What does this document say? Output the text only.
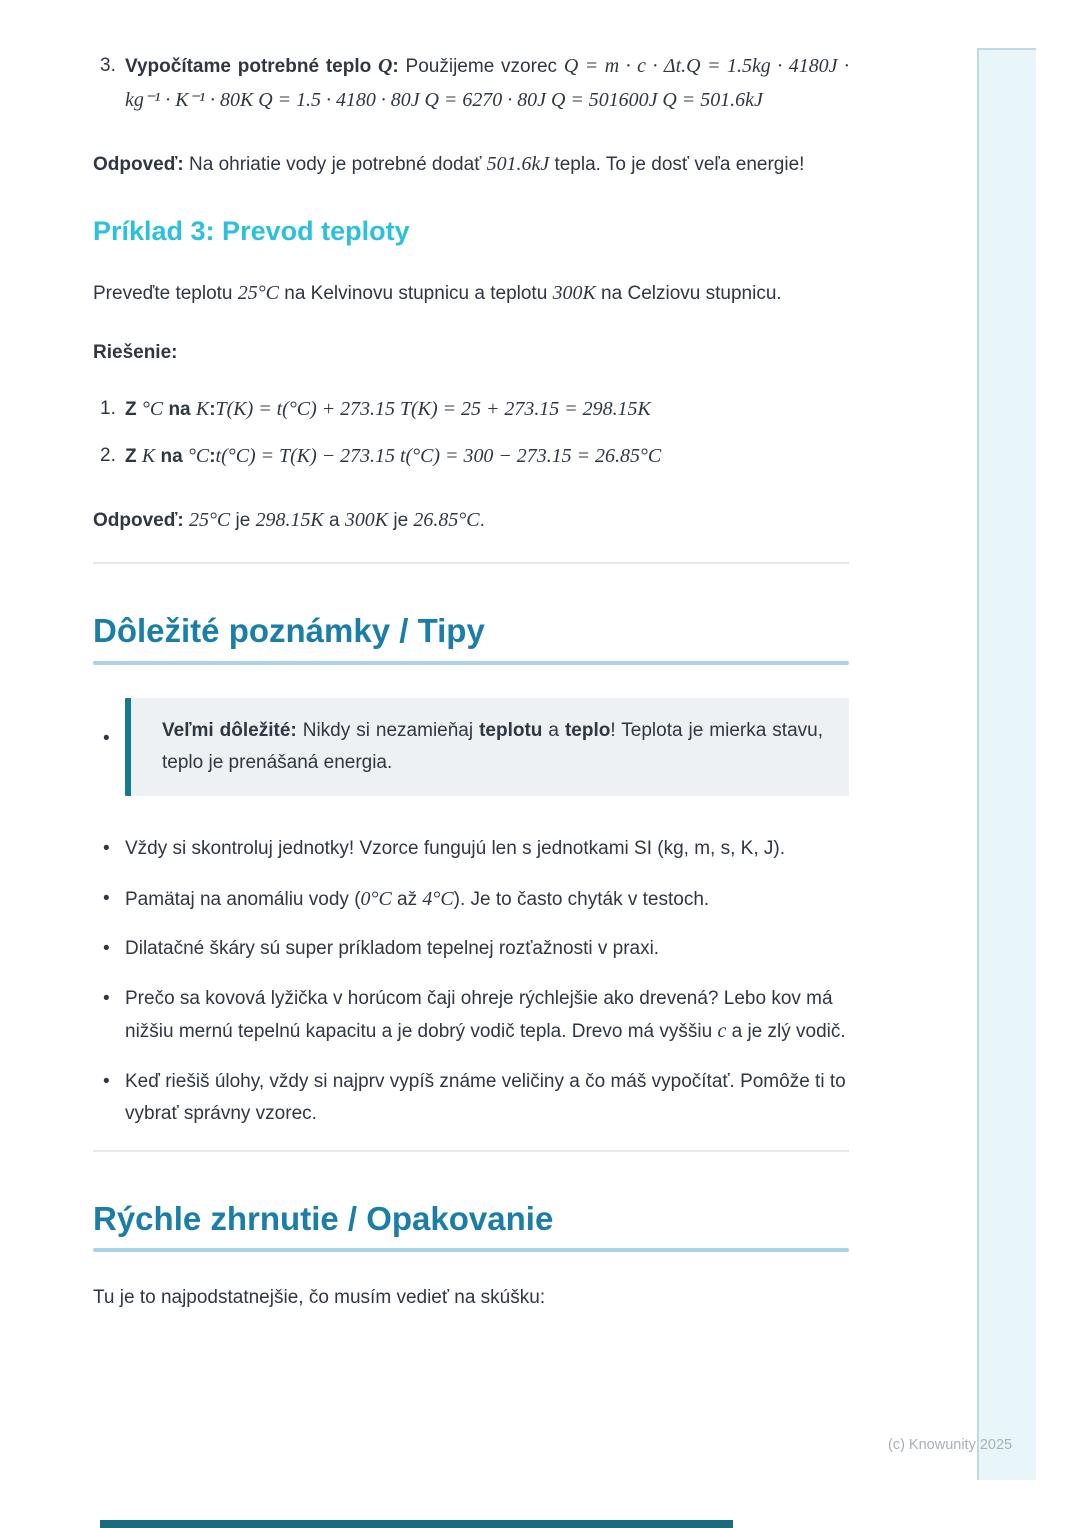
3. Vypočítame potrebné teplo Q: Použijeme vzorec Q = m · c · Δt.Q = 1.5kg · 4180J · kg⁻¹ · K⁻¹ · 80K Q = 1.5 · 4180 · 80J Q = 6270 · 80J Q = 501600J Q = 501.6kJ
Odpoveď: Na ohriatie vody je potrebné dodať 501.6kJ tepla. To je dosť veľa energie!
Príklad 3: Prevod teploty
Preveďte teplotu 25°C na Kelvinovu stupnicu a teplotu 300K na Celziovu stupnicu.
Riešenie:
1. Z °C na K:T(K) = t(°C) + 273.15 T(K) = 25 + 273.15 = 298.15K
2. Z K na °C:t(°C) = T(K) − 273.15 t(°C) = 300 − 273.15 = 26.85°C
Odpoveď: 25°C je 298.15K a 300K je 26.85°C.
Dôležité poznámky / Tipy
•	Veľmi dôležité: Nikdy si nezamieňaj teplotu a teplo! Teplota je mierka stavu, teplo je prenášaná energia.
• Vždy si skontroluj jednotky! Vzorce fungujú len s jednotkami SI (kg, m, s, K, J).
• Pamätaj na anomáliu vody (0°C až 4°C). Je to často chyták v testoch.
• Dilatačné škáry sú super príkladom tepelnej rozťažnosti v praxi.
• Prečo sa kovová lyžička v horúcom čaji ohreje rýchlejšie ako drevená? Lebo kov má nižšiu mernú tepelnú kapacitu a je dobrý vodič tepla. Drevo má vyššiu c a je zlý vodič.
• Keď riešiš úlohy, vždy si najprv vypíš známe veličiny a čo máš vypočítať. Pomôže ti to vybrať správny vzorec.
Rýchle zhrnutie / Opakovanie
Tu je to najpodstatnejšie, čo musím vedieť na skúšku:
(c) Knowunity 2025
